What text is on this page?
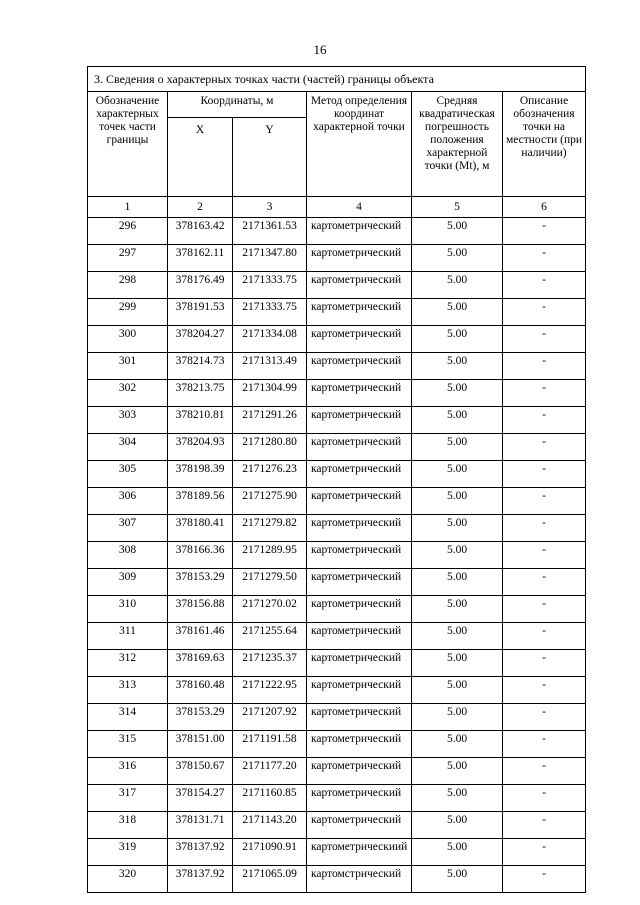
16
3. Сведения о характерных точках части (частей) границы объекта					
Обозначение характерных точек части границы	Координаты, м		Метод определения координат характерной точки	Средняя квадратическая погрешность положения характерной точки (Mt), м	Описание обозначения точки на местности (при наличии)
	X	Y			
1	2	3	4	5	6
296	378163.42	2171361.53	картометрический	5.00	-
297	378162.11	2171347.80	картометрический	5.00	-
298	378176.49	2171333.75	картометрический	5.00	-
299	378191.53	2171333.75	картометрический	5.00	-
300	378204.27	2171334.08	картометрический	5.00	-
301	378214.73	2171313.49	картометрический	5.00	-
302	378213.75	2171304.99	картометрический	5.00	-
303	378210.81	2171291.26	картометрический	5.00	-
304	378204.93	2171280.80	картометрический	5.00	-
305	378198.39	2171276.23	картометрический	5.00	-
306	378189.56	2171275.90	картометрический	5.00	-
307	378180.41	2171279.82	картометрический	5.00	-
308	378166.36	2171289.95	картометрический	5.00	-
309	378153.29	2171279.50	картометрический	5.00	-
310	378156.88	2171270.02	картометрический	5.00	-
311	378161.46	2171255.64	картометрический	5.00	-
312	378169.63	2171235.37	картометрический	5.00	-
313	378160.48	2171222.95	картометрический	5.00	-
314	378153.29	2171207.92	картометрический	5.00	-
315	378151.00	2171191.58	картометрический	5.00	-
316	378150.67	2171177.20	картометрический	5.00	-
317	378154.27	2171160.85	картометрический	5.00	-
318	378131.71	2171143.20	картометрический	5.00	-
319	378137.92	2171090.91	картометрическиий	5.00	-
320	378137.92	2171065.09	картомстрический	5.00	-
